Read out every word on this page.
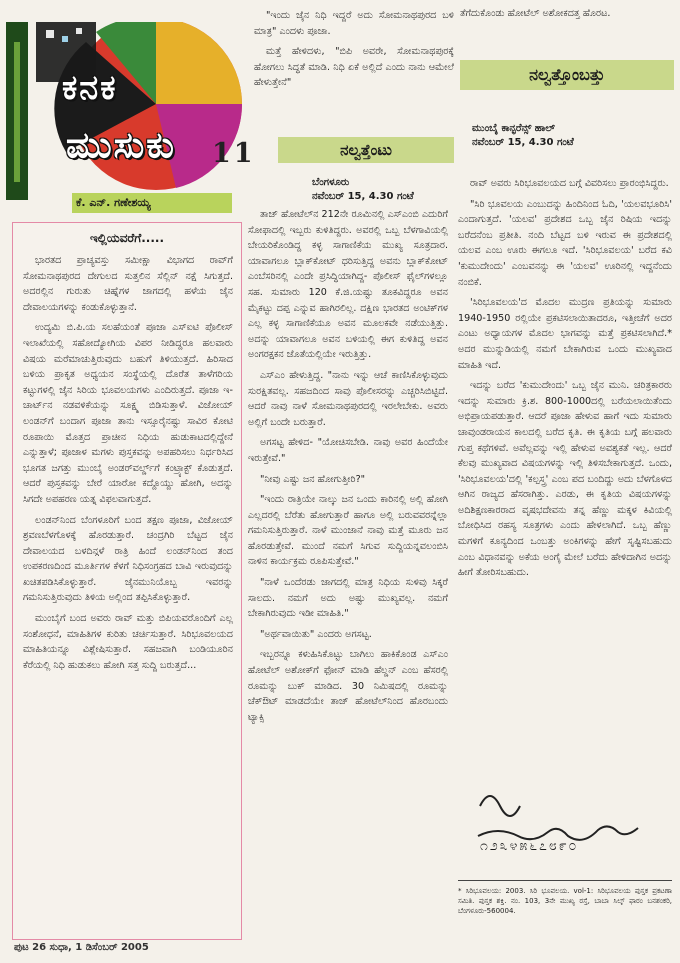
ಕನಕ
ಮುಸುಕು 11
ಕೆ. ಎನ್. ಗಣೇಶಯ್ಯ
ಇಲ್ಲಿಯವರೆಗೆ.....

ಭಾರತದ ಪ್ರಾಚ್ಯವಸ್ತು ಸಮೀಕ್ಷಾ ವಿಭಾಗದ ರಾವ್‌ಗೆ ಸೋಮನಾಥಪುರದ ದೇಗುಲದ ಸುತ್ತಲಿನ ಸೆಲ್ಲಿನ್ ನಕ್ಷೆ ಸಿಗುತ್ತದೆ. ಅದರಲ್ಲಿನ ಗುರುತು ಚಿಹ್ನೆಗಳ ಜಾಗದಲ್ಲಿ ಹಳೆಯ ಜೈನ ದೇವಾಲಯಗಳನ್ನು ಕಂಡುಕೊಳ್ಳುತ್ತಾನೆ.

ಉದ್ಯಮಿ ಬಿ.ಪಿ.ಯ ಸಲಹೆಯಂತೆ ಪೂಜಾ ಎಸ್‌ಐಟಿ ಪೊಲೀಸ್ ಇಲಾಖೆಯಲ್ಲಿ ಸಹೋದ್ಯೋಗಿಯ ವಿಪರ ನೀಡಿದ್ದರೂ ಹಲವಾರು ವಿಷಯ ಮರೆಮಾಚುತ್ತಿರುವುದು ಬಹುಗೆ ತಿಳಿಯುತ್ತದೆ. ಹಿರಿಸಾದ ಬಳಿಯ ಪ್ರಾಕೃತ ಅಧ್ಯಯನ ಸಂಸ್ಥೆಯಲ್ಲಿ ದೊರೆತ ತಾಳೆಗರಿಯ ಕಟ್ಟುಗಳಲ್ಲಿ ಜೈನ ಸಿರಿಯ ಭೂವಲಯಗಳು ಎಂದಿರುತ್ತದೆ. ಪೂಜಾ ಇ-ಚಾರ್ಟ್‌ನ ನಡವಳಿಕೆಯನ್ನು ಸೂಕ್ಷ್ಮ ಬಿಡಿಸುತ್ತಾಳೆ. ವಿಜೋಯ್ ಲಂಡನ್‌ಗೆ ಬಂದಾಗ ಪೂಜಾ ತಾನು ಇಸ್ಸೂರೈನಷ್ಟು ಸಾವಿರ ಕೋಟಿ ರೂಪಾಯಿ ಮೊತ್ತದ ಪ್ರಾಚೀನ ನಿಧಿಯ ಹುಡುಕಾಟದಲ್ಲಿದ್ದೇನೆ ಎನ್ನುತ್ತಾಳೆ; ಪೂಜಾಳ ಮಗಳು ಪುಸ್ತಕವನ್ನು ಅಪಹರಿಸಲು ನಿರ್ಧರಿಸಿದ ಭೂಗತ ಜಗತ್ತು ಮುಂಬೈ ಅಂಡರ್‌ವರ್ಲ್ಡ್‌ಗೆ ಕಂಟ್ರ್ಯಾಕ್ಟ್ ಕೊಡುತ್ತದೆ. ಆದರೆ ಪುಸ್ತಕವನ್ನು ಬೇರೆ ಯಾರೋ ಕದ್ದೊಯ್ದು ಹೋಗಿ, ಅದನ್ನು ಸಿಗದೇ ಅಪಹರಣ ಯತ್ನ ವಿಫಲವಾಗುತ್ತದೆ.

ಲಂಡನ್‌ನಿಂದ ಬೆಂಗಳೂರಿಗೆ ಬಂದ ತಕ್ಷಣ ಪೂಜಾ, ವಿಜೋಯ್ ಶ್ರವಣಬೆಳಗೊಳಕ್ಕೆ ಹೊರಡುತ್ತಾರೆ. ಚಂದ್ರಗಿರಿ ಬೆಟ್ಟದ ಜೈನ ದೇವಾಲಯದ ಬಳದಿನ್ಗಳೆ ರಾತ್ರಿ ಹಿಂದೆ ಲಂಡನ್‌ನಿಂದ ತಂದ ಉಪಕರಣದಿಂದ ಮೂರ್ತಿಗಳ ಕೆಳಗೆ ನಿಧಿಸಂಗ್ರಹದ ಬಾವಿ ಇರುವುದನ್ನು ಖಚಿತಪಡಿಸಿಕೊಳ್ಳುತ್ತಾರೆ. ಜೈನಮುನಿಯೊಬ್ಬ ಇವರನ್ನು ಗಮನಿಸುತ್ತಿರುವುದು ತಿಳಿಯ ಅಲ್ಲಿಂದ ತಪ್ಪಿಸಿಕೊಳ್ಳುತ್ತಾರೆ.

ಮುಂಬೈಗೆ ಬಂದ ಅವರು ರಾವ್ ಮತ್ತು ಬಿಪಿಯವರೊಂದಿಗೆ ಎಲ್ಲ ಸಂಶೋಧನೆ, ಮಾಹಿತಿಗಳ ಕುರಿತು ಚರ್ಚಿಸುತ್ತಾರೆ. ಸಿರಿಭೂವಲಯದ ಮಾಹಿತಿಯನ್ನೂ ವಿಶ್ಲೇಷಿಸುತ್ತಾರೆ. ಸಹಜವಾಗಿ ಬಂಡಿಯೂರಿನ ಕೆರೆಯಲ್ಲಿ ನಿಧಿ ಹುಡುಕಲು ಹೋಗಿ ಸತ್ತ ಸುದ್ದಿ ಬರುತ್ತದೆ...

ಪುಟ 26 ಸುಧಾ, 1 ಡಿಸೆಂಬರ್ 2005

"ಇಂದು ಜೈನ ನಿಧಿ ಇದ್ದರೆ ಅದು ಸೋಮನಾಥಪುರದ ಬಳಿ ಮಾತ್ರ" ಎಂದಳು ಪೂಜಾ.

ಮತ್ತೆ ಹೇಳಿದಳು, "ಬಿಪಿ ಅವರೇ, ಸೋಮನಾಥಪುರಕ್ಕೆ ಹೋಗಲು ಸಿದ್ಧತೆ ಮಾಡಿ. ನಿಧಿ ಏಕೆ ಅಲ್ಲಿದೆ ಎಂದು ನಾನು ಆಮೇಲೆ ಹೇಳುತ್ತೇನೆ"

ನಲ್ವತ್ತೆಂಟು
ಬೆಂಗಳೂರು
ನವೆಂಬರ್ 15, 4.30 ಗಂಟೆ

ತಾಜ್ ಹೋಟೆಲ್‌ನ 212ನೇ ರೂಮಿನಲ್ಲಿ ಎಸ್‌ಎಂಬಿ ಎದುರಿಗೆ ಸೋಫಾದಲ್ಲಿ ಇಬ್ಬರು ಕುಳಿತಿದ್ದರು. ಅವರಲ್ಲಿ ಒಬ್ಬ ಬೆಳಗಾವಿಯಲ್ಲಿ ಬೇಯರಿಕೊಂಡಿದ್ದ ಕಳ್ಳ ಸಾಗಾಣಿಕೆಯ ಮುಖ್ಯ ಸೂತ್ರದಾರ. ಯಾವಾಗಲೂ ಬ್ಲಾಕ್‌ಕೋಟ್ ಧರಿಸುತ್ತಿದ್ದ ಅವನು ಬ್ಲಾಕ್‌ಕೋಟ್ ಎಂಬೆಸರಿನಲ್ಲಿ ಎಂದೇ ಪ್ರಸಿದ್ಧಿಯಾಗಿದ್ದ- ಪೊಲೀಸ್ ಫೈಲ್‌ಗಳಲ್ಲೂ ಸಹ. ಸುಮಾರು 120 ಕೆ.ಜಿ.ಯಷ್ಟು ತೂಕವಿದ್ದರೂ ಅವನ ಮೈಕಟ್ಟು ದಪ್ಪ ಎನ್ನುವ ಹಾಗಿರಲಿಲ್ಲ. ದಕ್ಷಿಣ ಭಾರತದ ಅಂಟಿಕ್‌ಗಳ ಎಲ್ಲ ಕಳ್ಳ ಸಾಗಾಣಿಕೆಯೂ ಅವನ ಮೂಲಕವೇ ನಡೆಯುತ್ತಿತ್ತು. ಅದನ್ನು ಯಾವಾಗಲೂ ಅವನ ಬಳಿಯಲ್ಲಿ ಈಗ ಕುಳಿತಿದ್ದ ಅವನ ಅಂಗರಕ್ಷಕನ ಜೊತೆಯಲ್ಲಿಯೇ ಇರುತ್ತಿತ್ತು.

ಎಸ್‌ಎಂ ಹೇಳುತ್ತಿದ್ದ. "ನಾನು ಇನ್ನು ಆಚೆ ಕಾಣಿಸಿಕೊಳ್ಳುವುದು ಸುರಕ್ಷಿತವಲ್ಲ. ಸಹಜದಿಂದ ಸಾವು ಪೊಲೀಸರನ್ನು ಎಚ್ಚರಿಸಿಬಿಟ್ಟಿದೆ. ಆದರೆ ನಾವು ನಾಳೆ ಸೋಮನಾಥಪುರದಲ್ಲಿ ಇರಲೇಬೇಕು. ಅವರು ಅಲ್ಲಿಗೆ ಬಂದೇ ಬರುತ್ತಾರೆ.

ಅಗಸಟ್ಟ ಹೇಳಿದ- "ಯೋಚಿಸಬೇಡಿ. ನಾವು ಅವರ ಹಿಂದೆಯೇ ಇರುತ್ತೇವೆ."

"ನೀವು ಎಷ್ಟು ಜನ ಹೋಗುತ್ತೀರಿ?"

"ಇಂದು ರಾತ್ರಿಯೇ ನಾಲ್ಕು ಜನ ಒಂದು ಕಾರಿನಲ್ಲಿ ಅಲ್ಲಿ ಹೋಗಿ ಎಲ್ಲದರಲ್ಲಿ ಬೆರೆತು ಹೋಗುತ್ತಾರೆ ಹಾಗೂ ಅಲ್ಲಿ ಬರುವವರನ್ನೆಲ್ಲಾ ಗಮನಿಸುತ್ತಿರುತ್ತಾರೆ. ನಾಳೆ ಮುಂಜಾನೆ ನಾವು ಮತ್ತೆ ಮೂರು ಜನ ಹೊರಡುತ್ತೇವೆ. ಮುಂದೆ ನಮಗೆ ಸಿಗುವ ಸುದ್ದಿಯನ್ನವಲಂಬಿಸಿ ನಾಳಿನ ಕಾರ್ಯಕ್ರಮ ರೂಪಿಸುತ್ತೇವೆ."

"ನಾಳೆ ಒಂದೆರಡು ಜಾಗದಲ್ಲಿ ಮಾತ್ರ ನಿಧಿಯ ಸುಳಿವು ಸಿಕ್ಕರೆ ಸಾಲದು. ನಮಗೆ ಅದು ಅಷ್ಟು ಮುಖ್ಯವಲ್ಲ. ನಮಗೆ ಬೇಕಾಗಿರುವುದು ಇಡೀ ಮಾಹಿತಿ."

"ಅರ್ಥವಾಯಿತು" ಎಂದರು ಅಗಸಟ್ಟ.

ಇಬ್ಬರನ್ನೂ ಕಳುಹಿಸಿಕೊಟ್ಟು ಬಾಗಿಲು ಹಾಕಿಕೊಂಡ ಎಸ್‌ಎಂ ಹೋಟೆಲ್ ಅಶೋಕ್‌ಗೆ ಫೋನ್ ಮಾಡಿ ಹೆಲ್ಡನ್ ಎಂಬ ಹೆಸರಲ್ಲಿ ರೂಮನ್ನು ಬುಕ್ ಮಾಡಿದ. 30 ನಿಮಿಷದಲ್ಲಿ ರೂಮನ್ನು ಚೆಕ್‌ಔಟ್ ಮಾಡದೆಯೇ ತಾಜ್ ಹೋಟೆಲ್‌ನಿಂದ ಹೊರಬಂದು ಟ್ಯಾಕ್ಸಿ

ತೆಗೆದುಕೊಂಡು ಹೋಟೆಲ್ ಅಶೋಕದತ್ತ ಹೊರಟ.

ನಲ್ವತ್ತೊಂಬತ್ತು
ಮುಂಬೈ ಕಾನ್ಫರೆನ್ಸ್ ಹಾಲ್
ನವೆಂಬರ್ 15, 4.30 ಗಂಟೆ

ರಾವ್ ಅವರು ಸಿರಿಭೂವಲಯದ ಬಗ್ಗೆ ವಿವರಿಸಲು ಪ್ರಾರಂಭಿಸಿದ್ದರು.

"ಸಿರಿ ಭೂವಲಯ ಎಂಬುದನ್ನು ಹಿಂದಿನಿಂದ ಓದಿ, 'ಯಲವಭೂರಿಸಿ' ಎಂದಾಗುತ್ತದೆ. 'ಯಲವ' ಪ್ರದೇಶದ ಒಬ್ಬ ಜೈನ ರಿಷಿಯ ಇದನ್ನು ಬರೆದನೆಂಬ ಪ್ರತೀತಿ. ನಂದಿ ಬೆಟ್ಟದ ಬಳಿ ಇರುವ ಈ ಪ್ರದೇಶದಲ್ಲಿ ಯಲವ ಎಂಬ ಊರು ಈಗಲೂ ಇದೆ. 'ಸಿರಿಭೂವಲಯ' ಬರೆದ ಕವಿ 'ಕುಮುದೇಂದು' ಎಂಬವನನ್ನು ಈ 'ಯಲವ' ಊರಿನಲ್ಲಿ ಇದ್ದನೆಂದು ನಂಬಿಕೆ.

'ಸಿರಿಭೂವಲಯ'ದ ಮೊದಲ ಮುದ್ರಣ ಪ್ರತಿಯನ್ನು ಸುಮಾರು 1940-1950 ರಲ್ಲಿಯೇ ಪ್ರಕಟಿಸಲಾಯಿತಾದರೂ, ಇತ್ತೀಚೆಗೆ ಅದರ ಎಂಟು ಅಧ್ಯಾಯಗಳ ಮೊದಲ ಭಾಗವನ್ನು ಮತ್ತೆ ಪ್ರಕಟಿಸಲಾಗಿದೆ.* ಅದರ ಮುನ್ನುಡಿಯಲ್ಲಿ ನಮಗೆ ಬೇಕಾಗಿರುವ ಒಂದು ಮುಖ್ಯವಾದ ಮಾಹಿತಿ ಇದೆ.

ಇದನ್ನು ಬರೆದ 'ಕುಮುದೇಂದು' ಒಬ್ಬ ಜೈನ ಮುನಿ. ಚರಿತ್ರಕಾರರು ಇದನ್ನು ಸುಮಾರು ಕ್ರಿ.ಶ. 800-1000ದಲ್ಲಿ ಬರೆಯಲಾಯಿತೆಂದು ಅಭಿಪ್ರಾಯಪಡುತ್ತಾರೆ. ಆದರೆ ಪೂಜಾ ಹೇಳುವ ಹಾಗೆ ಇದು ಸುಮಾರು ಚಾವುಂಡರಾಯನ ಕಾಲದಲ್ಲಿ ಬರೆದ ಕೃತಿ. ಈ ಕೃತಿಯ ಬಗ್ಗೆ ಹಲವಾರು ಗುಪ್ತ ಕಥೆಗಳಿವೆ. ಅವೆಲ್ಲವನ್ನು ಇಲ್ಲಿ ಹೇಳುವ ಅವಶ್ಯಕತೆ ಇಲ್ಲ. ಆದರೆ ಕೆಲವು ಮುಖ್ಯವಾದ ವಿಷಯಗಳನ್ನು ಇಲ್ಲಿ ತಿಳಿಸಬೇಕಾಗುತ್ತದೆ. ಒಂದು, 'ಸಿರಿಭೂವಲಯ'ದಲ್ಲಿ 'ಕಲ್ಪಸ್ತ್ರ' ಎಂಬ ಪದ ಬಂದಿದ್ದು ಅದು ಬೆಳಗೊಳದ ಆಗಿನ ರಾಜ್ಯದ ಹೆಸರಾಗಿತ್ತು. ಎರಡು, ಈ ಕೃತಿಯ ವಿಷಯಗಳನ್ನು ಅದಿಶಿಕ್ಷಣಕಾರರಾದ ವೃಷಭದೇವನು ತನ್ನ ಹೆಣ್ಣು ಮಕ್ಕಳ ಕಿವಿಯಲ್ಲಿ ಬೋಧಿಸಿದ ರಹಸ್ಯ ಸೂತ್ರಗಳು ಎಂದು ಹೇಳಲಾಗಿದೆ. ಒಬ್ಬ ಹೆಣ್ಣು ಮಗಳಿಗೆ ಕೂನ್ಯದಿಂದ ಒಂಬತ್ತು ಅಂಕಿಗಳನ್ನು ಹೇಗೆ ಸೃಷ್ಟಿಸಬಹುದು ಎಂಬ ವಿಧಾನವನ್ನು ಅಕೆಯ ಅಂಗೈ ಮೇಲೆ ಬರೆದು ಹೇಳಿದಾಗಿನ ಅದನ್ನು ಹೀಗೆ ತೋರಿಸಬಹುದು.

೧೨೩೪೫೬೭೮೯೦
* ಸಿರಿಭೂವಲಯ: 2003. ಸಿರಿ ಭೂವಲಯ. vol-1: ಸಿರಿಭೂವಲಯ ಪುಸ್ತಕ ಪ್ರಕಟಣಾ ಸಮಿತಿ. ಪುಸ್ತಕ ಶಕ್ತಿ. ನಂ. 103, 3ನೇ ಮುಖ್ಯ ರಸ್ತೆ, ಬಾಬಾ ಸಿಲ್ಕ್ ಫಾರಂ ಬನಶಂಕರಿ, ಬೆಂಗಳೂರು-560004.
